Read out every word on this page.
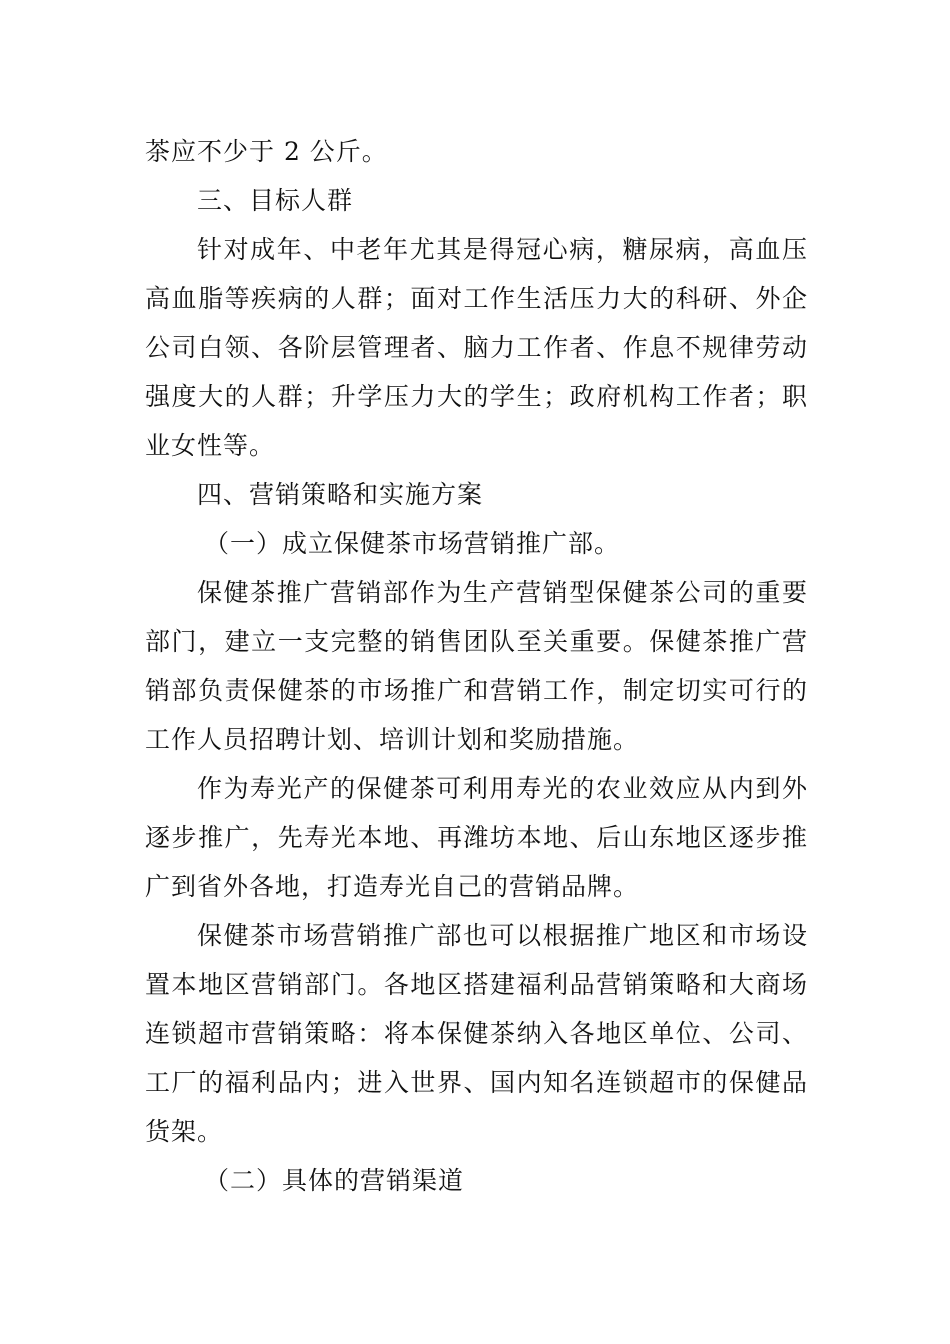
茶应不少于 2 公斤。

三、目标人群

针对成年、中老年尤其是得冠心病，糖尿病，高血压高血脂等疾病的人群；面对工作生活压力大的科研、外企公司白领、各阶层管理者、脑力工作者、作息不规律劳动强度大的人群；升学压力大的学生；政府机构工作者；职业女性等。

四、营销策略和实施方案

（一）成立保健茶市场营销推广部。

保健茶推广营销部作为生产营销型保健茶公司的重要部门，建立一支完整的销售团队至关重要。保健茶推广营销部负责保健茶的市场推广和营销工作，制定切实可行的工作人员招聘计划、培训计划和奖励措施。

作为寿光产的保健茶可利用寿光的农业效应从内到外逐步推广，先寿光本地、再潍坊本地、后山东地区逐步推广到省外各地，打造寿光自己的营销品牌。

保健茶市场营销推广部也可以根据推广地区和市场设置本地区营销部门。各地区搭建福利品营销策略和大商场连锁超市营销策略：将本保健茶纳入各地区单位、公司、工厂的福利品内；进入世界、国内知名连锁超市的保健品货架。

（二）具体的营销渠道
